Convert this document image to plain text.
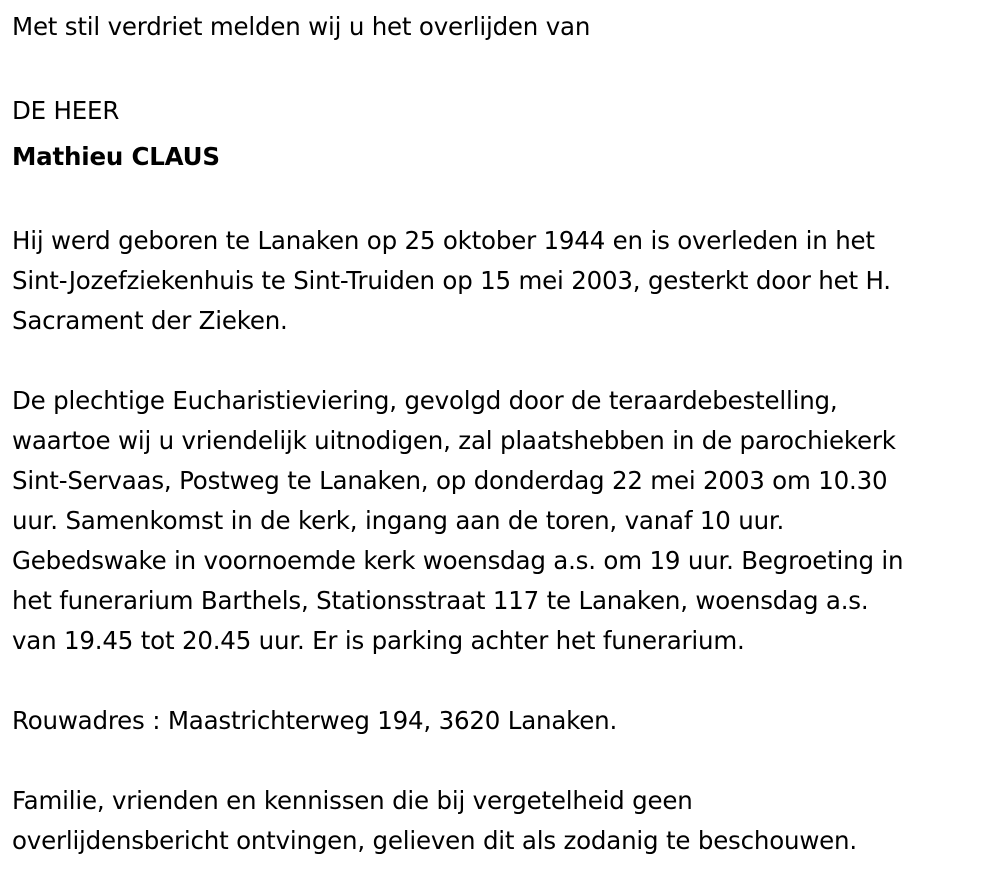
Met stil verdriet melden wij u het overlijden van

DE HEER

Mathieu CLAUS

Hij werd geboren te Lanaken op 25 oktober 1944 en is overleden in het
Sint-Jozefziekenhuis te Sint-Truiden op 15 mei 2003, gesterkt door het H.
Sacrament der Zieken.

De plechtige Eucharistieviering, gevolgd door de teraardebestelling,
waartoe wij u vriendelijk uitnodigen, zal plaatshebben in de parochiekerk
Sint-Servaas, Postweg te Lanaken, op donderdag 22 mei 2003 om 10.30
uur. Samenkomst in de kerk, ingang aan de toren, vanaf 10 uur.
Gebedswake in voornoemde kerk woensdag a.s. om 19 uur. Begroeting in
het funerarium Barthels, Stationsstraat 117 te Lanaken, woensdag a.s.
van 19.45 tot 20.45 uur. Er is parking achter het funerarium.

Rouwadres : Maastrichterweg 194, 3620 Lanaken.

Familie, vrienden en kennissen die bij vergetelheid geen
overlijdensbericht ontvingen, gelieven dit als zodanig te beschouwen.
